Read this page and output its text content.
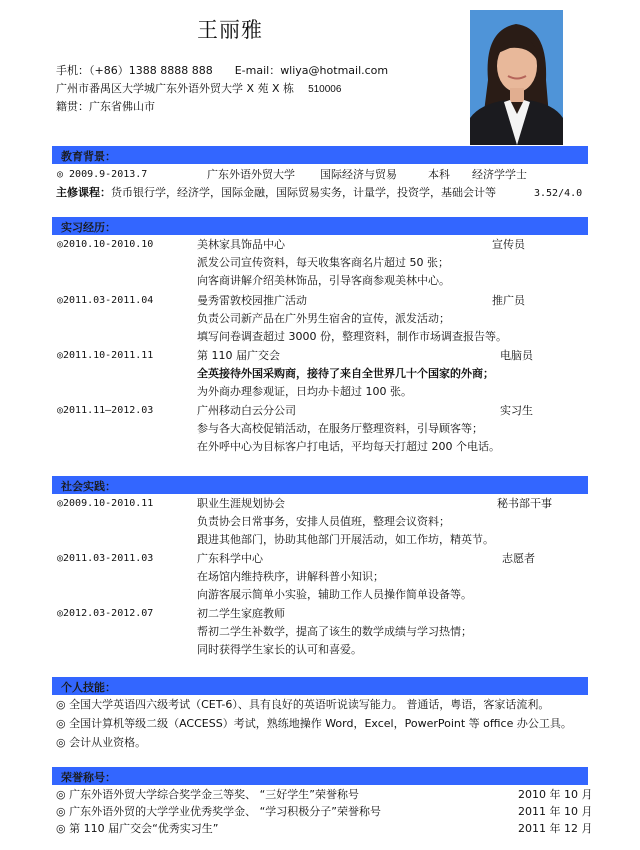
王丽雅
手机：（+86）1388 8888 888 E-mail：wliya@hotmail.com
广州市番禺区大学城广东外语外贸大学 X 苑 X 栋 510006
籍贯：广东省佛山市
教育背景：
◎ 2009.9-2013.7	广东外语外贸大学 国际经济与贸易	本科 经济学学士
主修课程：货币银行学，经济学，国际金融，国际贸易实务，计量学，投资学，基础会计等	3.52/4.0
实习经历：
◎2010.10-2010.10	美林家具饰品中心	宣传员
派发公司宣传资料，每天收集客商名片超过 50 张；
向客商讲解介绍美林饰品，引导客商参观美林中心。
◎2011.03-2011.04	曼秀雷敦校园推广活动	推广员
负责公司新产品在广外男生宿舍的宣传，派发活动；
填写问卷调查超过 3000 份，整理资料，制作市场调查报告等。
◎2011.10-2011.11	第 110 届广交会	电脑员
全英接待外国采购商，接待了来自全世界几十个国家的外商；
为外商办理参观证，日均办卡超过 100 张。
◎2011.11—2012.03	广州移动白云分公司	实习生
参与各大高校促销活动，在服务厅整理资料，引导顾客等；
在外呼中心为目标客户打电话，平均每天打超过 200 个电话。
社会实践：
◎2009.10-2010.11	职业生涯规划协会	秘书部干事
负责协会日常事务，安排人员值班，整理会议资料；
跟进其他部门，协助其他部门开展活动，如工作坊，精英节。
◎2011.03-2011.03	广东科学中心	志愿者
在场馆内维持秩序，讲解科普小知识；
向游客展示简单小实验，辅助工作人员操作简单设备等。
◎2012.03-2012.07	初二学生家庭教师
帮初二学生补数学，提高了该生的数学成绩与学习热情；
同时获得学生家长的认可和喜爱。
个人技能：
◎ 全国大学英语四六级考试（CET-6）、具有良好的英语听说读写能力。 普通话，粤语，客家话流利。
◎ 全国计算机等级二级（ACCESS）考试，熟练地操作 Word，Excel，PowerPoint 等 office 办公工具。
◎ 会计从业资格。
荣誉称号：
◎ 广东外语外贸大学综合奖学金三等奖、 “三好学生”荣誉称号	2010 年 10 月
◎ 广东外语外贸的大学学业优秀奖学金、 “学习积极分子”荣誉称号	2011 年 10 月
◎ 第 110 届广交会“优秀实习生”	2011 年 12 月
